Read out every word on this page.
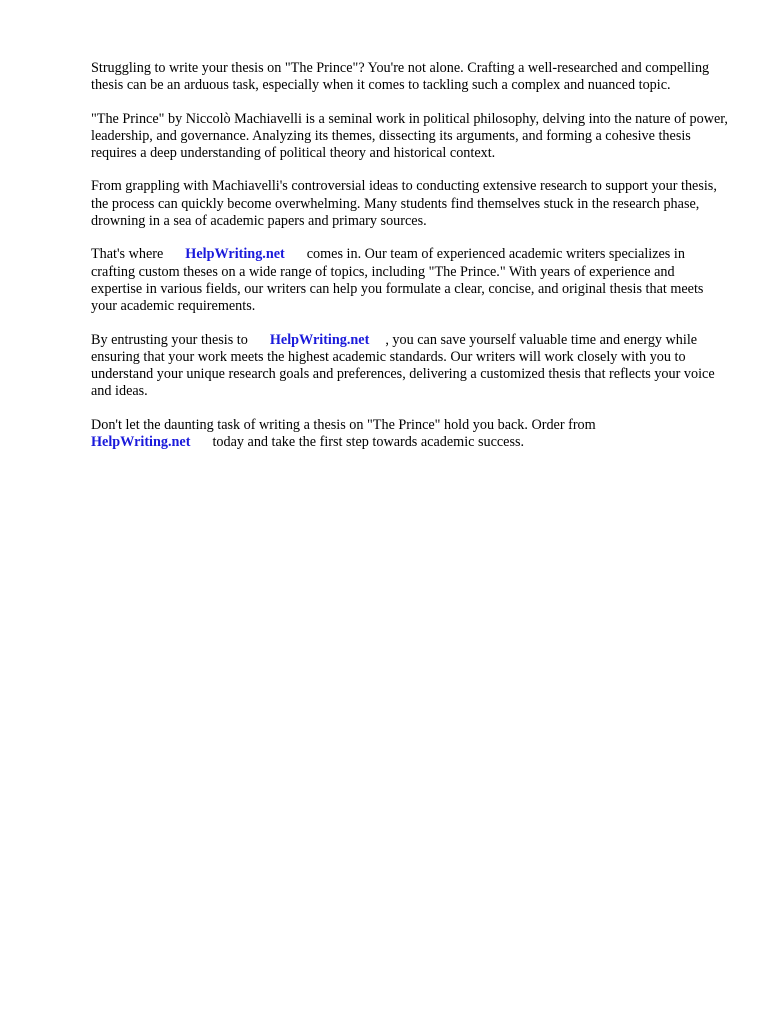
Struggling to write your thesis on "The Prince"? You're not alone. Crafting a well-researched and compelling thesis can be an arduous task, especially when it comes to tackling such a complex and nuanced topic.

"The Prince" by Niccolò Machiavelli is a seminal work in political philosophy, delving into the nature of power, leadership, and governance. Analyzing its themes, dissecting its arguments, and forming a cohesive thesis requires a deep understanding of political theory and historical context.

From grappling with Machiavelli's controversial ideas to conducting extensive research to support your thesis, the process can quickly become overwhelming. Many students find themselves stuck in the research phase, drowning in a sea of academic papers and primary sources.

That's where HelpWriting.net comes in. Our team of experienced academic writers specializes in crafting custom theses on a wide range of topics, including "The Prince." With years of experience and expertise in various fields, our writers can help you formulate a clear, concise, and original thesis that meets your academic requirements.

By entrusting your thesis to HelpWriting.net , you can save yourself valuable time and energy while ensuring that your work meets the highest academic standards. Our writers will work closely with you to understand your unique research goals and preferences, delivering a customized thesis that reflects your voice and ideas.

Don't let the daunting task of writing a thesis on "The Prince" hold you back. Order from HelpWriting.net today and take the first step towards academic success.
